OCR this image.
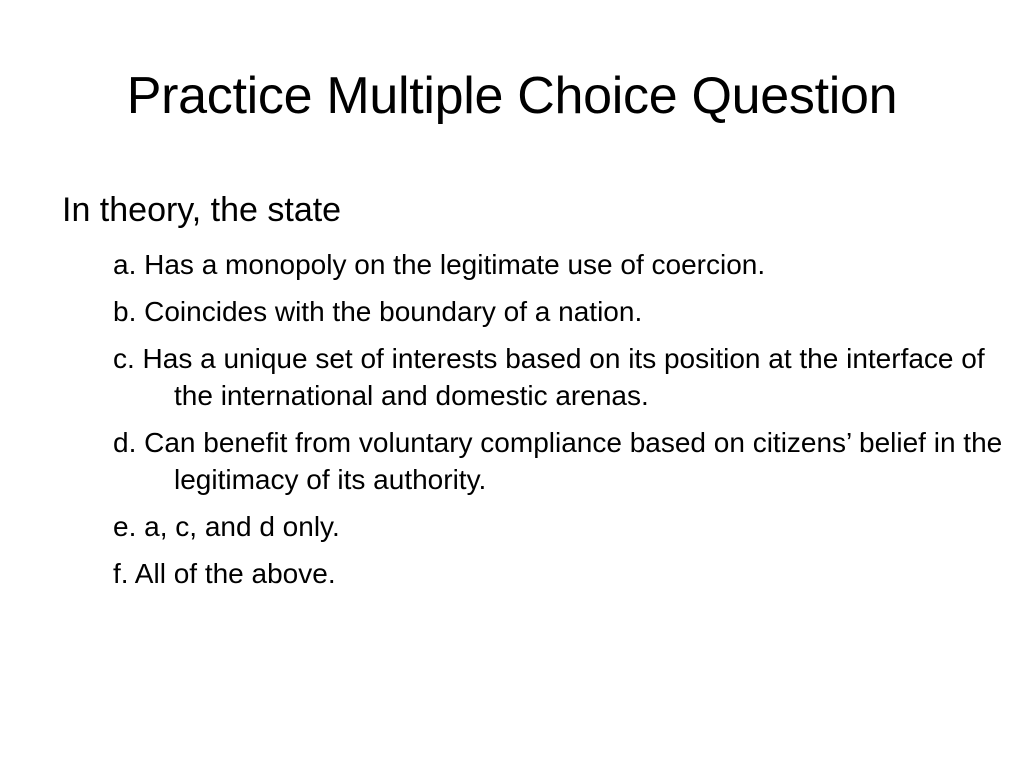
Practice Multiple Choice Question
In theory, the state
a. Has a monopoly on the legitimate use of coercion.
b. Coincides with the boundary of a nation.
c. Has a unique set of interests based on its position at the interface of the international and domestic arenas.
d. Can benefit from voluntary compliance based on citizens’ belief in the legitimacy of its authority.
e. a, c, and d only.
f. All of the above.
